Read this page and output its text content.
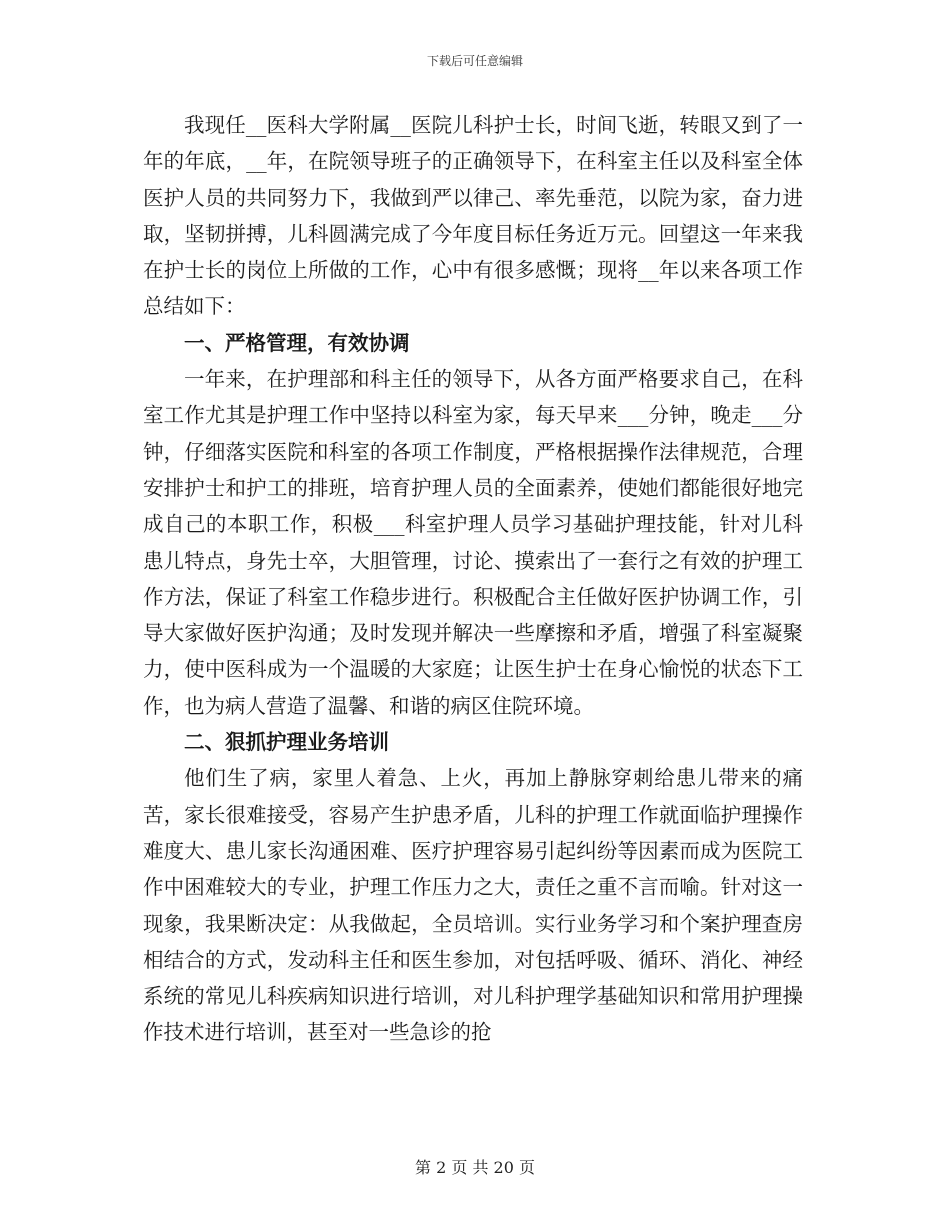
下载后可任意编辑

我现任__医科大学附属__医院儿科护士长，时间飞逝，转眼又到了一年的年底，__年，在院领导班子的正确领导下，在科室主任以及科室全体医护人员的共同努力下，我做到严以律己、率先垂范，以院为家，奋力进取，坚韧拼搏，儿科圆满完成了今年度目标任务近万元。回望这一年来我在护士长的岗位上所做的工作，心中有很多感慨；现将__年以来各项工作总结如下：

一、严格管理，有效协调

一年来，在护理部和科主任的领导下，从各方面严格要求自己，在科室工作尤其是护理工作中坚持以科室为家，每天早来___分钟，晚走___分钟，仔细落实医院和科室的各项工作制度，严格根据操作法律规范，合理安排护士和护工的排班，培育护理人员的全面素养，使她们都能很好地完成自己的本职工作，积极___科室护理人员学习基础护理技能，针对儿科患儿特点，身先士卒，大胆管理，讨论、摸索出了一套行之有效的护理工作方法，保证了科室工作稳步进行。积极配合主任做好医护协调工作，引导大家做好医护沟通；及时发现并解决一些摩擦和矛盾，增强了科室凝聚力，使中医科成为一个温暖的大家庭；让医生护士在身心愉悦的状态下工作，也为病人营造了温馨、和谐的病区住院环境。

二、狠抓护理业务培训

他们生了病，家里人着急、上火，再加上静脉穿刺给患儿带来的痛苦，家长很难接受，容易产生护患矛盾，儿科的护理工作就面临护理操作难度大、患儿家长沟通困难、医疗护理容易引起纠纷等因素而成为医院工作中困难较大的专业，护理工作压力之大，责任之重不言而喻。针对这一现象，我果断决定：从我做起，全员培训。实行业务学习和个案护理查房相结合的方式，发动科主任和医生参加，对包括呼吸、循环、消化、神经系统的常见儿科疾病知识进行培训，对儿科护理学基础知识和常用护理操作技术进行培训，甚至对一些急诊的抢

第 2 页 共 20 页
